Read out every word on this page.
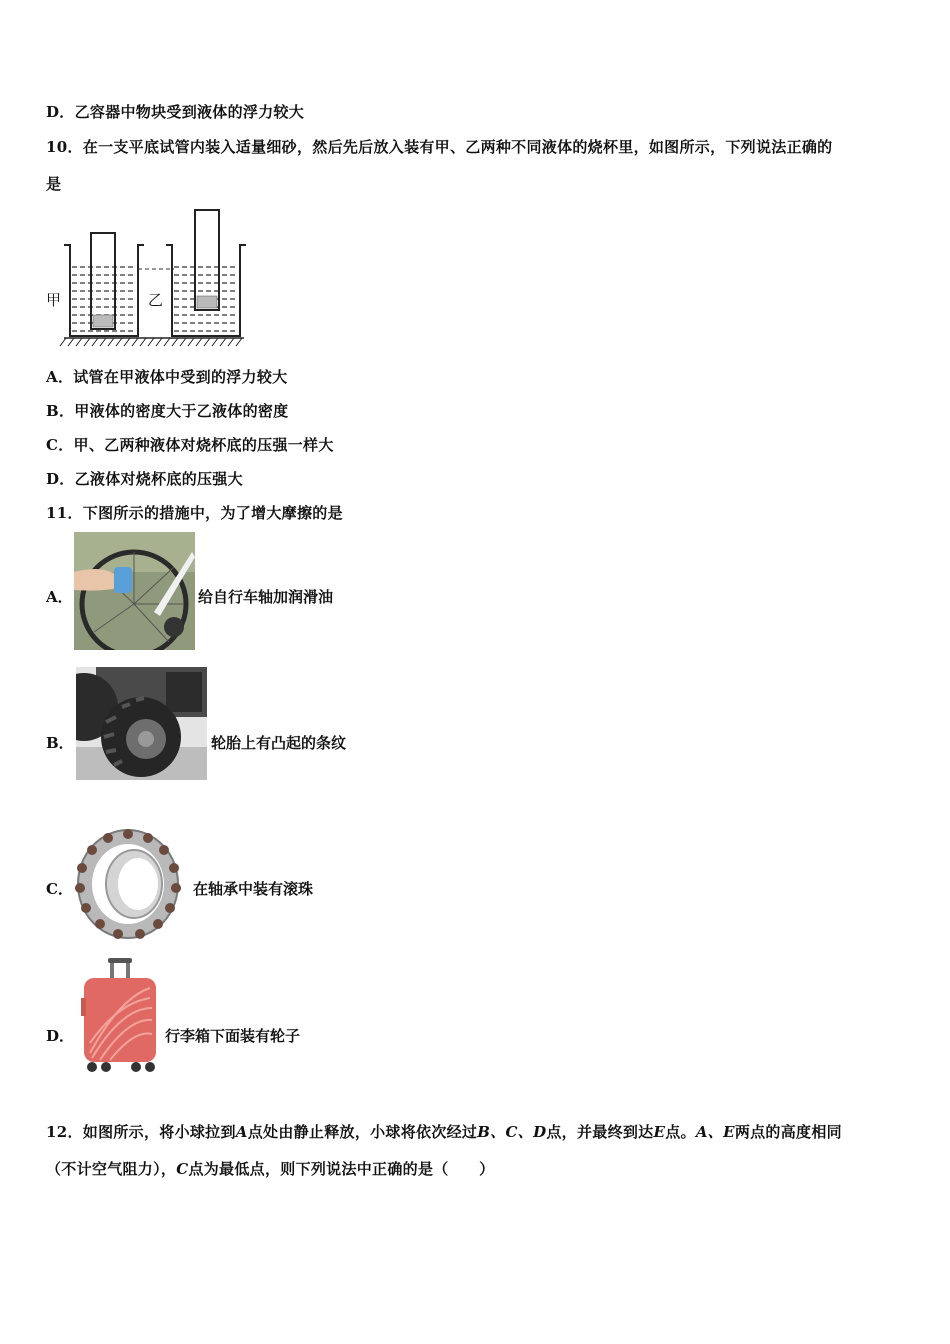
D．乙容器中物块受到液体的浮力较大
10．在一支平底试管内装入适量细砂，然后先后放入装有甲、乙两种不同液体的烧杯里，如图所示，下列说法正确的
是
甲	乙
A．试管在甲液体中受到的浮力较大
B．甲液体的密度大于乙液体的密度
C．甲、乙两种液体对烧杯底的压强一样大
D．乙液体对烧杯底的压强大
11．下图所示的措施中，为了增大摩擦的是
A．	给自行车轴加润滑油
B．	轮胎上有凸起的条纹
C．	在轴承中装有滚珠
D．	行李箱下面装有轮子
12．如图所示，将小球拉到A点处由静止释放，小球将依次经过B、C、D点，并最终到达E点。A、E两点的高度相同
（不计空气阻力），C点为最低点，则下列说法中正确的是（　　）
